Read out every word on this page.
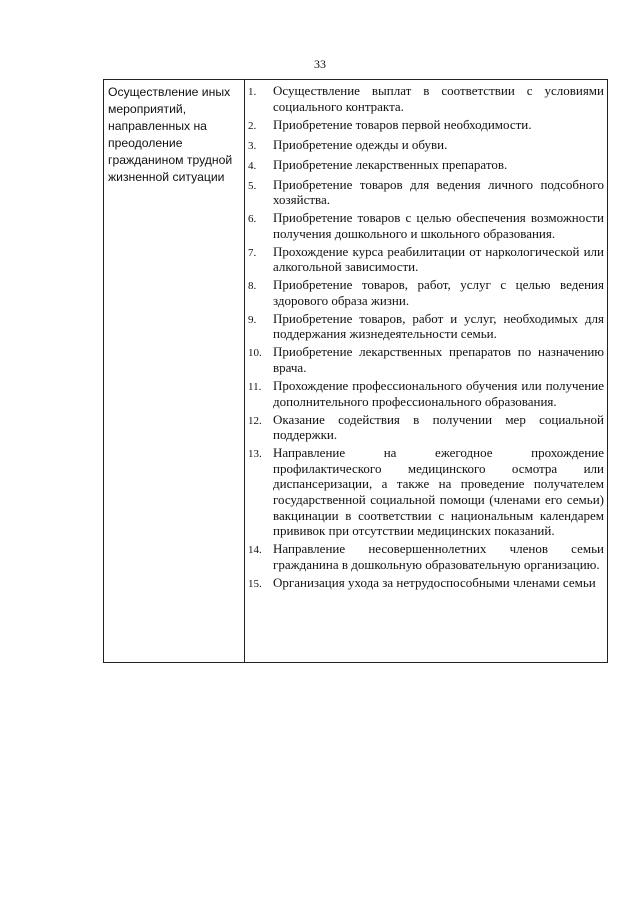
33
Осуществление иных мероприятий, направленных на преодоление гражданином трудной жизненной ситуации
1.	Осуществление выплат в соответствии с условиями социального контракта.
2.	Приобретение товаров первой необходимости.
3.	Приобретение одежды и обуви.
4.	Приобретение лекарственных препаратов.
5.	Приобретение товаров для ведения личного подсобного хозяйства.
6.	Приобретение товаров с целью обеспечения возможности получения дошкольного и школьного образования.
7.	Прохождение курса реабилитации от наркологической или алкогольной зависимости.
8.	Приобретение товаров, работ, услуг с целью ведения здорового образа жизни.
9.	Приобретение товаров, работ и услуг, необходимых для поддержания жизнедеятельности семьи.
10. Приобретение лекарственных препаратов по назначению врача.
11. Прохождение профессионального обучения или получение дополнительного профессионального образования.
12. Оказание содействия в получении мер социальной поддержки.
13. Направление на ежегодное прохождение профилактического медицинского осмотра или диспансеризации, а также на проведение получателем государственной социальной помощи (членами его семьи) вакцинации в соответствии с национальным календарем прививок при отсутствии медицинских показаний.
14. Направление несовершеннолетних членов семьи гражданина в дошкольную образовательную организацию.
15. Организация ухода за нетрудоспособными членами семьи
